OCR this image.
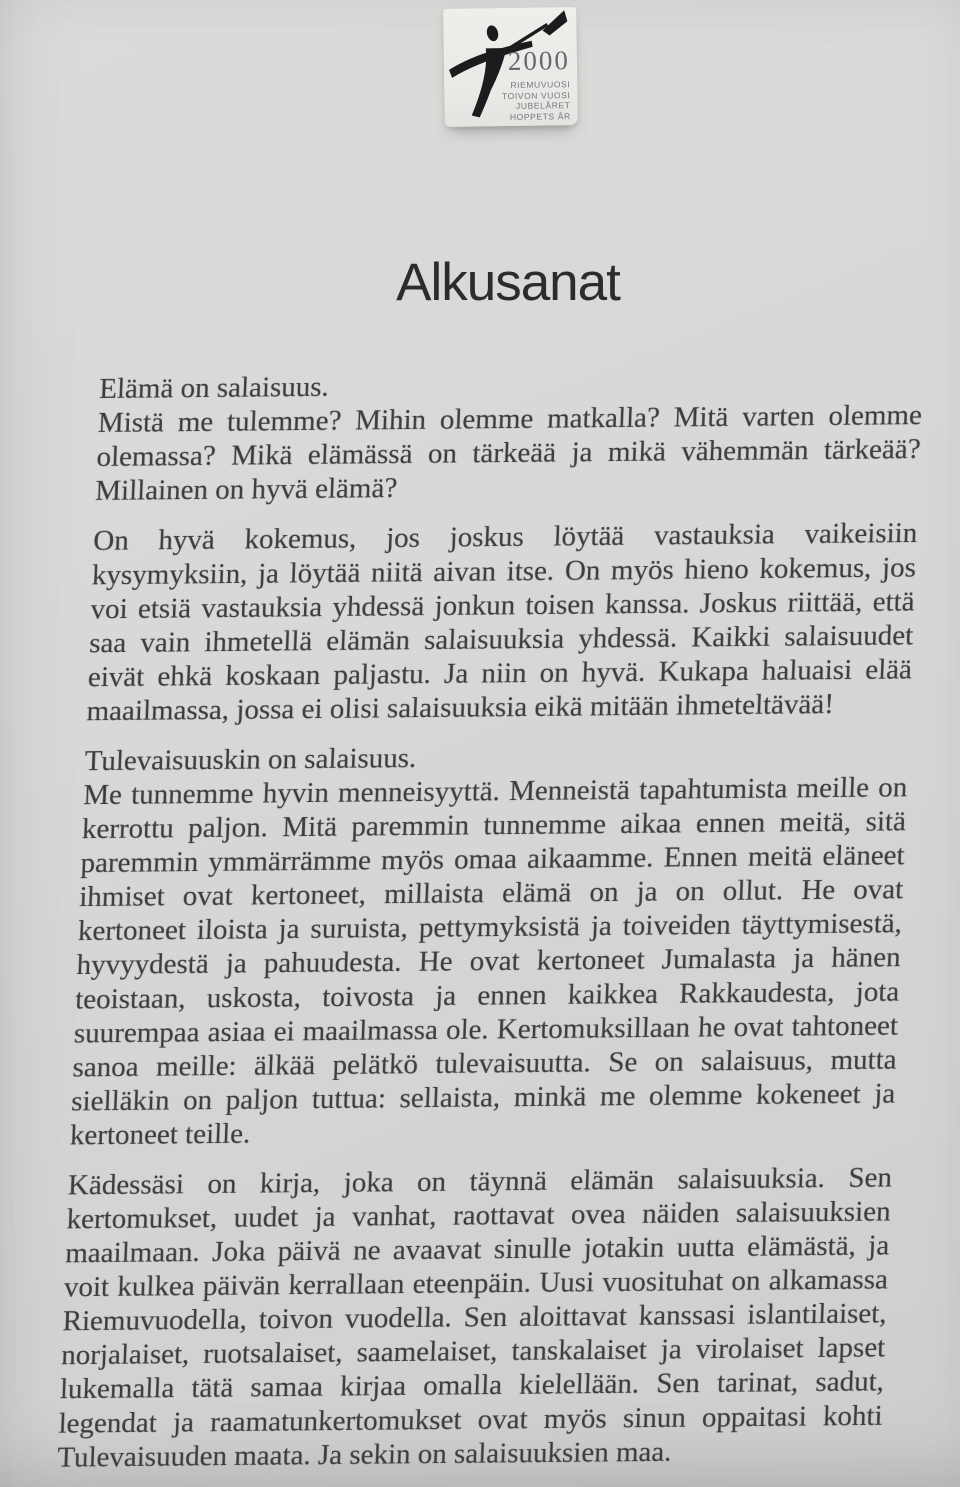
2000
RIEMUVUOSI
TOIVON VUOSI
JUBELÅRET
HOPPETS ÅR
Alkusanat

Elämä on salaisuus.
Mistä me tulemme? Mihin olemme matkalla? Mitä varten olemme olemassa? Mikä elämässä on tärkeää ja mikä vähemmän tärkeää? Millainen on hyvä elämä?

On hyvä kokemus, jos joskus löytää vastauksia vaikeisiin kysymyksiin, ja löytää niitä aivan itse. On myös hieno kokemus, jos voi etsiä vastauksia yhdessä jonkun toisen kanssa. Joskus riittää, että saa vain ihmetellä elämän salaisuuksia yhdessä. Kaikki salaisuudet eivät ehkä koskaan paljastu. Ja niin on hyvä. Kukapa haluaisi elää maailmassa, jossa ei olisi salaisuuksia eikä mitään ihmeteltävää!

Tulevaisuuskin on salaisuus.
Me tunnemme hyvin menneisyyttä. Menneistä tapahtumista meille on kerrottu paljon. Mitä paremmin tunnemme aikaa ennen meitä, sitä paremmin ymmärrämme myös omaa aikaamme. Ennen meitä eläneet ihmiset ovat kertoneet, millaista elämä on ja on ollut. He ovat kertoneet iloista ja suruista, pettymyksistä ja toiveiden täyttymisestä, hyvyydestä ja pahuudesta. He ovat kertoneet Jumalasta ja hänen teoistaan, uskosta, toivosta ja ennen kaikkea Rakkaudesta, jota suurempaa asiaa ei maailmassa ole. Kertomuksillaan he ovat tahtoneet sanoa meille: älkää pelätkö tulevaisuutta. Se on salaisuus, mutta sielläkin on paljon tuttua: sellaista, minkä me olemme kokeneet ja kertoneet teille.

Kädessäsi on kirja, joka on täynnä elämän salaisuuksia. Sen kertomukset, uudet ja vanhat, raottavat ovea näiden salaisuuksien maailmaan. Joka päivä ne avaavat sinulle jotakin uutta elämästä, ja voit kulkea päivän kerrallaan eteenpäin. Uusi vuosituhat on alkamassa Riemuvuodella, toivon vuodella. Sen aloittavat kanssasi islantilaiset, norjalaiset, ruotsalaiset, saamelaiset, tanskalaiset ja virolaiset lapset lukemalla tätä samaa kirjaa omalla kielellään. Sen tarinat, sadut, legendat ja raamatunkertomukset ovat myös sinun oppaitasi kohti Tulevaisuuden maata. Ja sekin on salaisuuksien maa.
